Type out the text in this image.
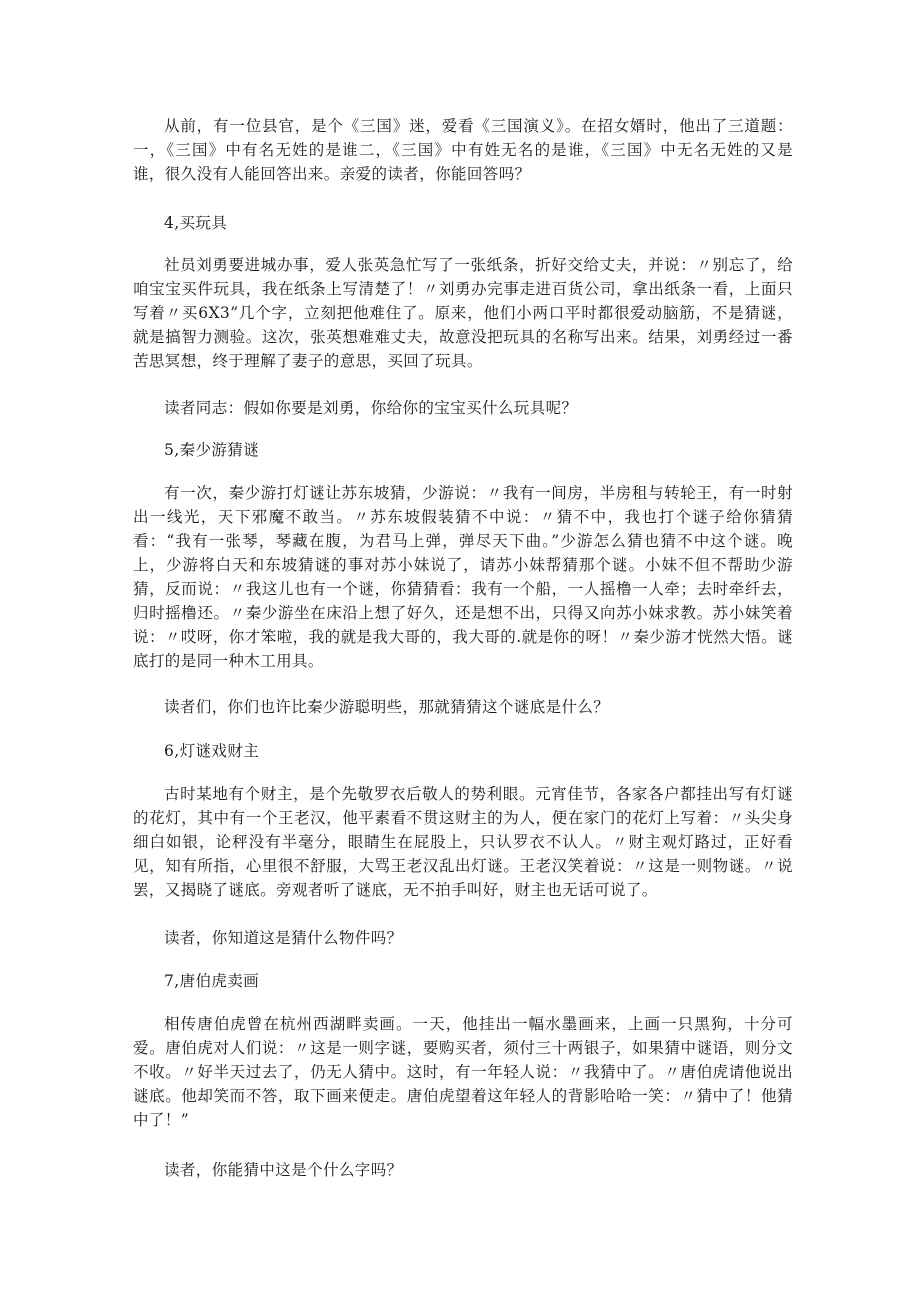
从前，有一位县官，是个《三国》迷，爱看《三国演义》。在招女婿时，他出了三道题：一，《三国》中有名无姓的是谁二，《三国》中有姓无名的是谁，《三国》中无名无姓的又是谁，很久没有人能回答出来。亲爱的读者，你能回答吗？
4,买玩具
社员刘勇要进城办事，爱人张英急忙写了一张纸条，折好交给丈夫，并说：〃别忘了，给咱宝宝买件玩具，我在纸条上写清楚了！〃刘勇办完事走进百货公司，拿出纸条一看，上面只写着〃买6X3”几个字，立刻把他难住了。原来，他们小两口平时都很爱动脑筋，不是猜谜，就是搞智力测验。这次，张英想难难丈夫，故意没把玩具的名称写出来。结果，刘勇经过一番苦思冥想，终于理解了妻子的意思，买回了玩具。
读者同志：假如你要是刘勇，你给你的宝宝买什么玩具呢？
5,秦少游猜谜
有一次，秦少游打灯谜让苏东坡猜，少游说：〃我有一间房，半房租与转轮王，有一时射出一线光，天下邪魔不敢当。〃苏东坡假装猜不中说：〃猜不中，我也打个谜子给你猜猜看：“我有一张琴，琴藏在腹，为君马上弹，弹尽天下曲。”少游怎么猜也猜不中这个谜。晚上，少游将白天和东坡猜谜的事对苏小妹说了，请苏小妹帮猜那个谜。小妹不但不帮助少游猜，反而说：〃我这儿也有一个谜，你猜猜看：我有一个船，一人摇橹一人牵；去时牵纤去，归时摇橹还。〃秦少游坐在床沿上想了好久，还是想不出，只得又向苏小妹求教。苏小妹笑着说：〃哎呀，你才笨啦，我的就是我大哥的，我大哥的.就是你的呀！〃秦少游才恍然大悟。谜底打的是同一种木工用具。
读者们，你们也许比秦少游聪明些，那就猜猜这个谜底是什么？
6,灯谜戏财主
古时某地有个财主，是个先敬罗衣后敬人的势利眼。元宵佳节，各家各户都挂出写有灯谜的花灯，其中有一个王老汉，他平素看不贯这财主的为人，便在家门的花灯上写着：〃头尖身细白如银，论秤没有半毫分，眼睛生在屁股上，只认罗衣不认人。〃财主观灯路过，正好看见，知有所指，心里很不舒服，大骂王老汉乱出灯谜。王老汉笑着说：〃这是一则物谜。〃说罢，又揭晓了谜底。旁观者听了谜底，无不拍手叫好，财主也无话可说了。
读者，你知道这是猜什么物件吗？
7,唐伯虎卖画
相传唐伯虎曾在杭州西湖畔卖画。一天，他挂出一幅水墨画来，上画一只黑狗，十分可爱。唐伯虎对人们说：〃这是一则字谜，要购买者，须付三十两银子，如果猜中谜语，则分文不收。〃好半天过去了，仍无人猜中。这时，有一年轻人说：〃我猜中了。〃唐伯虎请他说出谜底。他却笑而不答，取下画来便走。唐伯虎望着这年轻人的背影哈哈一笑：〃猜中了！他猜中了！”
读者，你能猜中这是个什么字吗？
